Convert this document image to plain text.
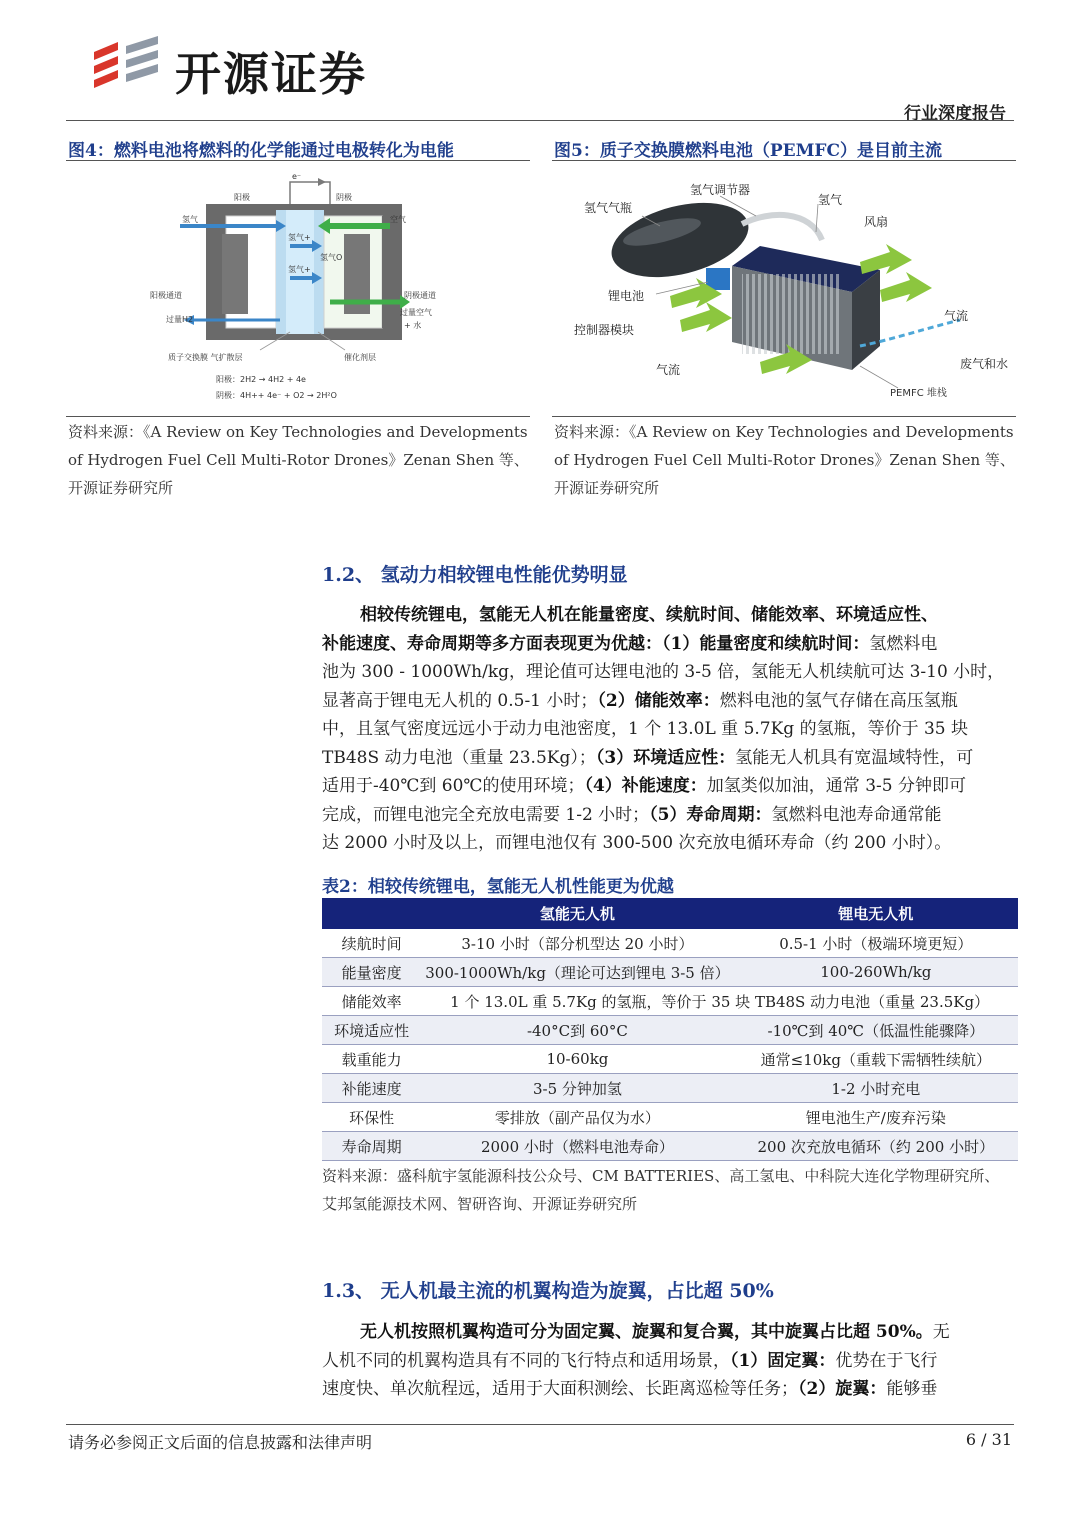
开源证券
行业深度报告
图4：燃料电池将燃料的化学能通过电极转化为电能
e⁻
阳极	阴极
氢气	空气
氢气+
氢气+
氢气O
阳极通道	阴极通道
过量H2
过量空气
+ 水
质子交换膜 气扩散层	催化剂层
阳极：2H2 → 4H2 + 4e
阴极：4H++ 4e⁻ + O2 → 2H²O
资料来源：《A Review on Key Technologies and Developments of Hydrogen Fuel Cell Multi-Rotor Drones》Zenan Shen 等、开源证券研究所
图5：质子交换膜燃料电池（PEMFC）是目前主流
氢气调节器
氢气气瓶
氢气
风扇
锂电池
控制器模块
气流
气流
废气和水
PEMFC 堆栈
资料来源：《A Review on Key Technologies and Developments of Hydrogen Fuel Cell Multi-Rotor Drones》Zenan Shen 等、开源证券研究所
1.2、 氢动力相较锂电性能优势明显
相较传统锂电，氢能无人机在能量密度、续航时间、储能效率、环境适应性、
补能速度、寿命周期等多方面表现更为优越：（1）能量密度和续航时间：氢燃料电
池为 300 - 1000Wh/kg，理论值可达锂电池的 3-5 倍，氢能无人机续航可达 3-10 小时，
显著高于锂电无人机的 0.5-1 小时；（2）储能效率：燃料电池的氢气存储在高压氢瓶
中，且氢气密度远远小于动力电池密度，1 个 13.0L 重 5.7Kg 的氢瓶，等价于 35 块
TB48S 动力电池（重量 23.5Kg）；（3）环境适应性：氢能无人机具有宽温域特性，可
适用于-40℃到 60℃的使用环境；（4）补能速度：加氢类似加油，通常 3-5 分钟即可
完成，而锂电池完全充放电需要 1-2 小时；（5）寿命周期：氢燃料电池寿命通常能
达 2000 小时及以上，而锂电池仅有 300-500 次充放电循环寿命（约 200 小时）。
表2：相较传统锂电，氢能无人机性能更为优越
	氢能无人机	锂电无人机
续航时间	3-10 小时（部分机型达 20 小时）	0.5-1 小时（极端环境更短）
能量密度	300-1000Wh/kg（理论可达到锂电 3-5 倍）	100-260Wh/kg
储能效率	1 个 13.0L 重 5.7Kg 的氢瓶，等价于 35 块 TB48S 动力电池（重量 23.5Kg）	
环境适应性	-40°C到 60°C	-10℃到 40℃（低温性能骤降）
载重能力	10-60kg	通常≤10kg（重载下需牺牲续航）
补能速度	3-5 分钟加氢	1-2 小时充电
环保性	零排放（副产品仅为水）	锂电池生产/废弃污染
寿命周期	2000 小时（燃料电池寿命）	200 次充放电循环（约 200 小时）
资料来源：盛科航宇氢能源科技公众号、CM BATTERIES、高工氢电、中科院大连化学物理研究所、艾邦氢能源技术网、智研咨询、开源证券研究所
1.3、 无人机最主流的机翼构造为旋翼，占比超 50%
无人机按照机翼构造可分为固定翼、旋翼和复合翼，其中旋翼占比超 50%。无
人机不同的机翼构造具有不同的飞行特点和适用场景，（1）固定翼：优势在于飞行
速度快、单次航程远，适用于大面积测绘、长距离巡检等任务；（2）旋翼：能够垂
请务必参阅正文后面的信息披露和法律声明	6 / 31
